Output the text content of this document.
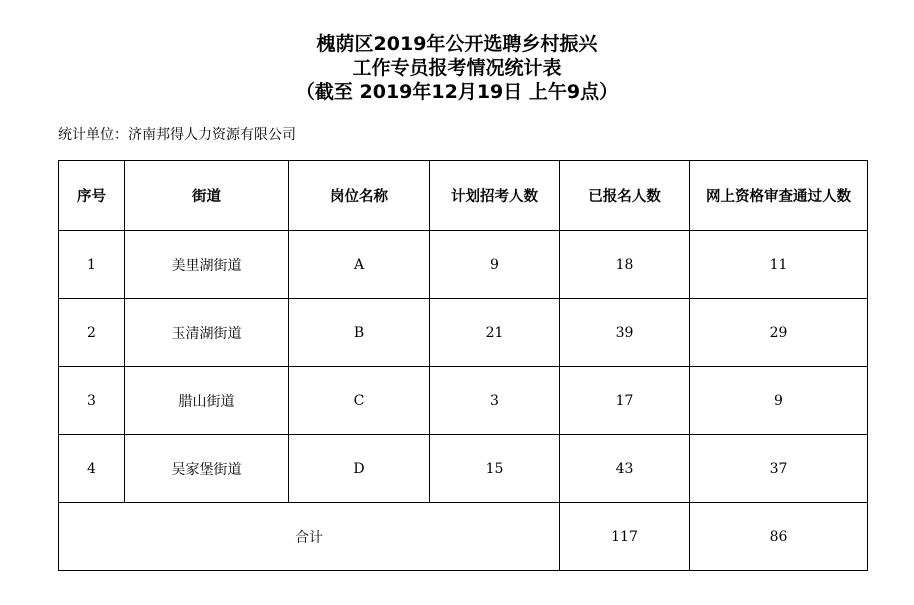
槐荫区2019年公开选聘乡村振兴
工作专员报考情况统计表
（截至 2019年12月19日 上午9点）
统计单位：济南邦得人力资源有限公司
序号	街道	岗位名称	计划招考人数	已报名人数	网上资格审查通过人数
1	美里湖街道	A	9	18	11
2	玉清湖街道	B	21	39	29
3	腊山街道	C	3	17	9
4	吴家堡街道	D	15	43	37
合计				117	86
